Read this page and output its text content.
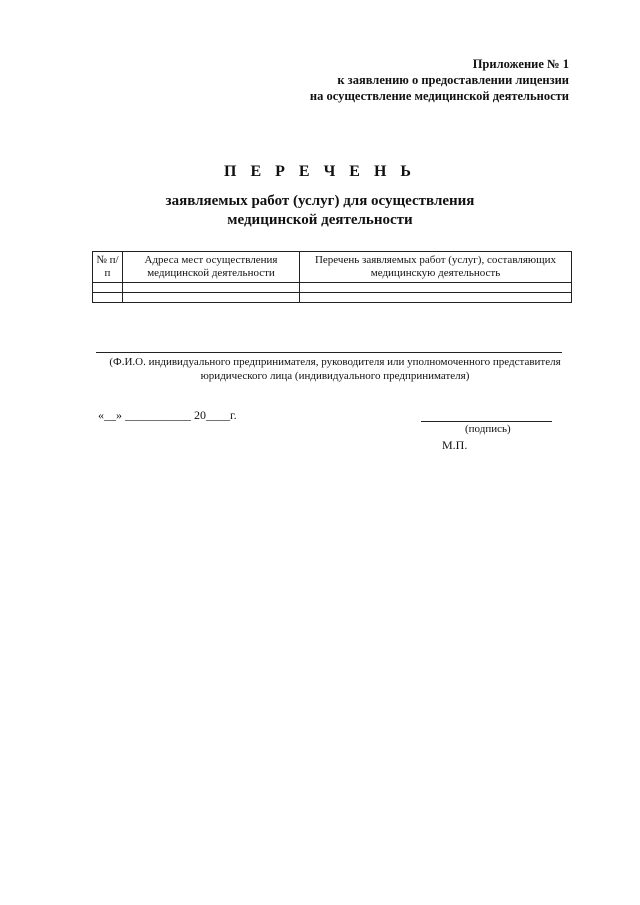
Приложение № 1
к заявлению о предоставлении лицензии
на осуществление медицинской деятельности
П Е Р Е Ч Е Н Ь
заявляемых работ (услуг) для осуществления
медицинской деятельности
№ п/п	Адреса мест осуществления медицинской деятельности	Перечень заявляемых работ (услуг), составляющих медицинскую деятельность

(Ф.И.О. индивидуального предпринимателя, руководителя или уполномоченного представителя
юридического лица (индивидуального предпринимателя)
«__» ___________ 20____г.
(подпись)
М.П.
